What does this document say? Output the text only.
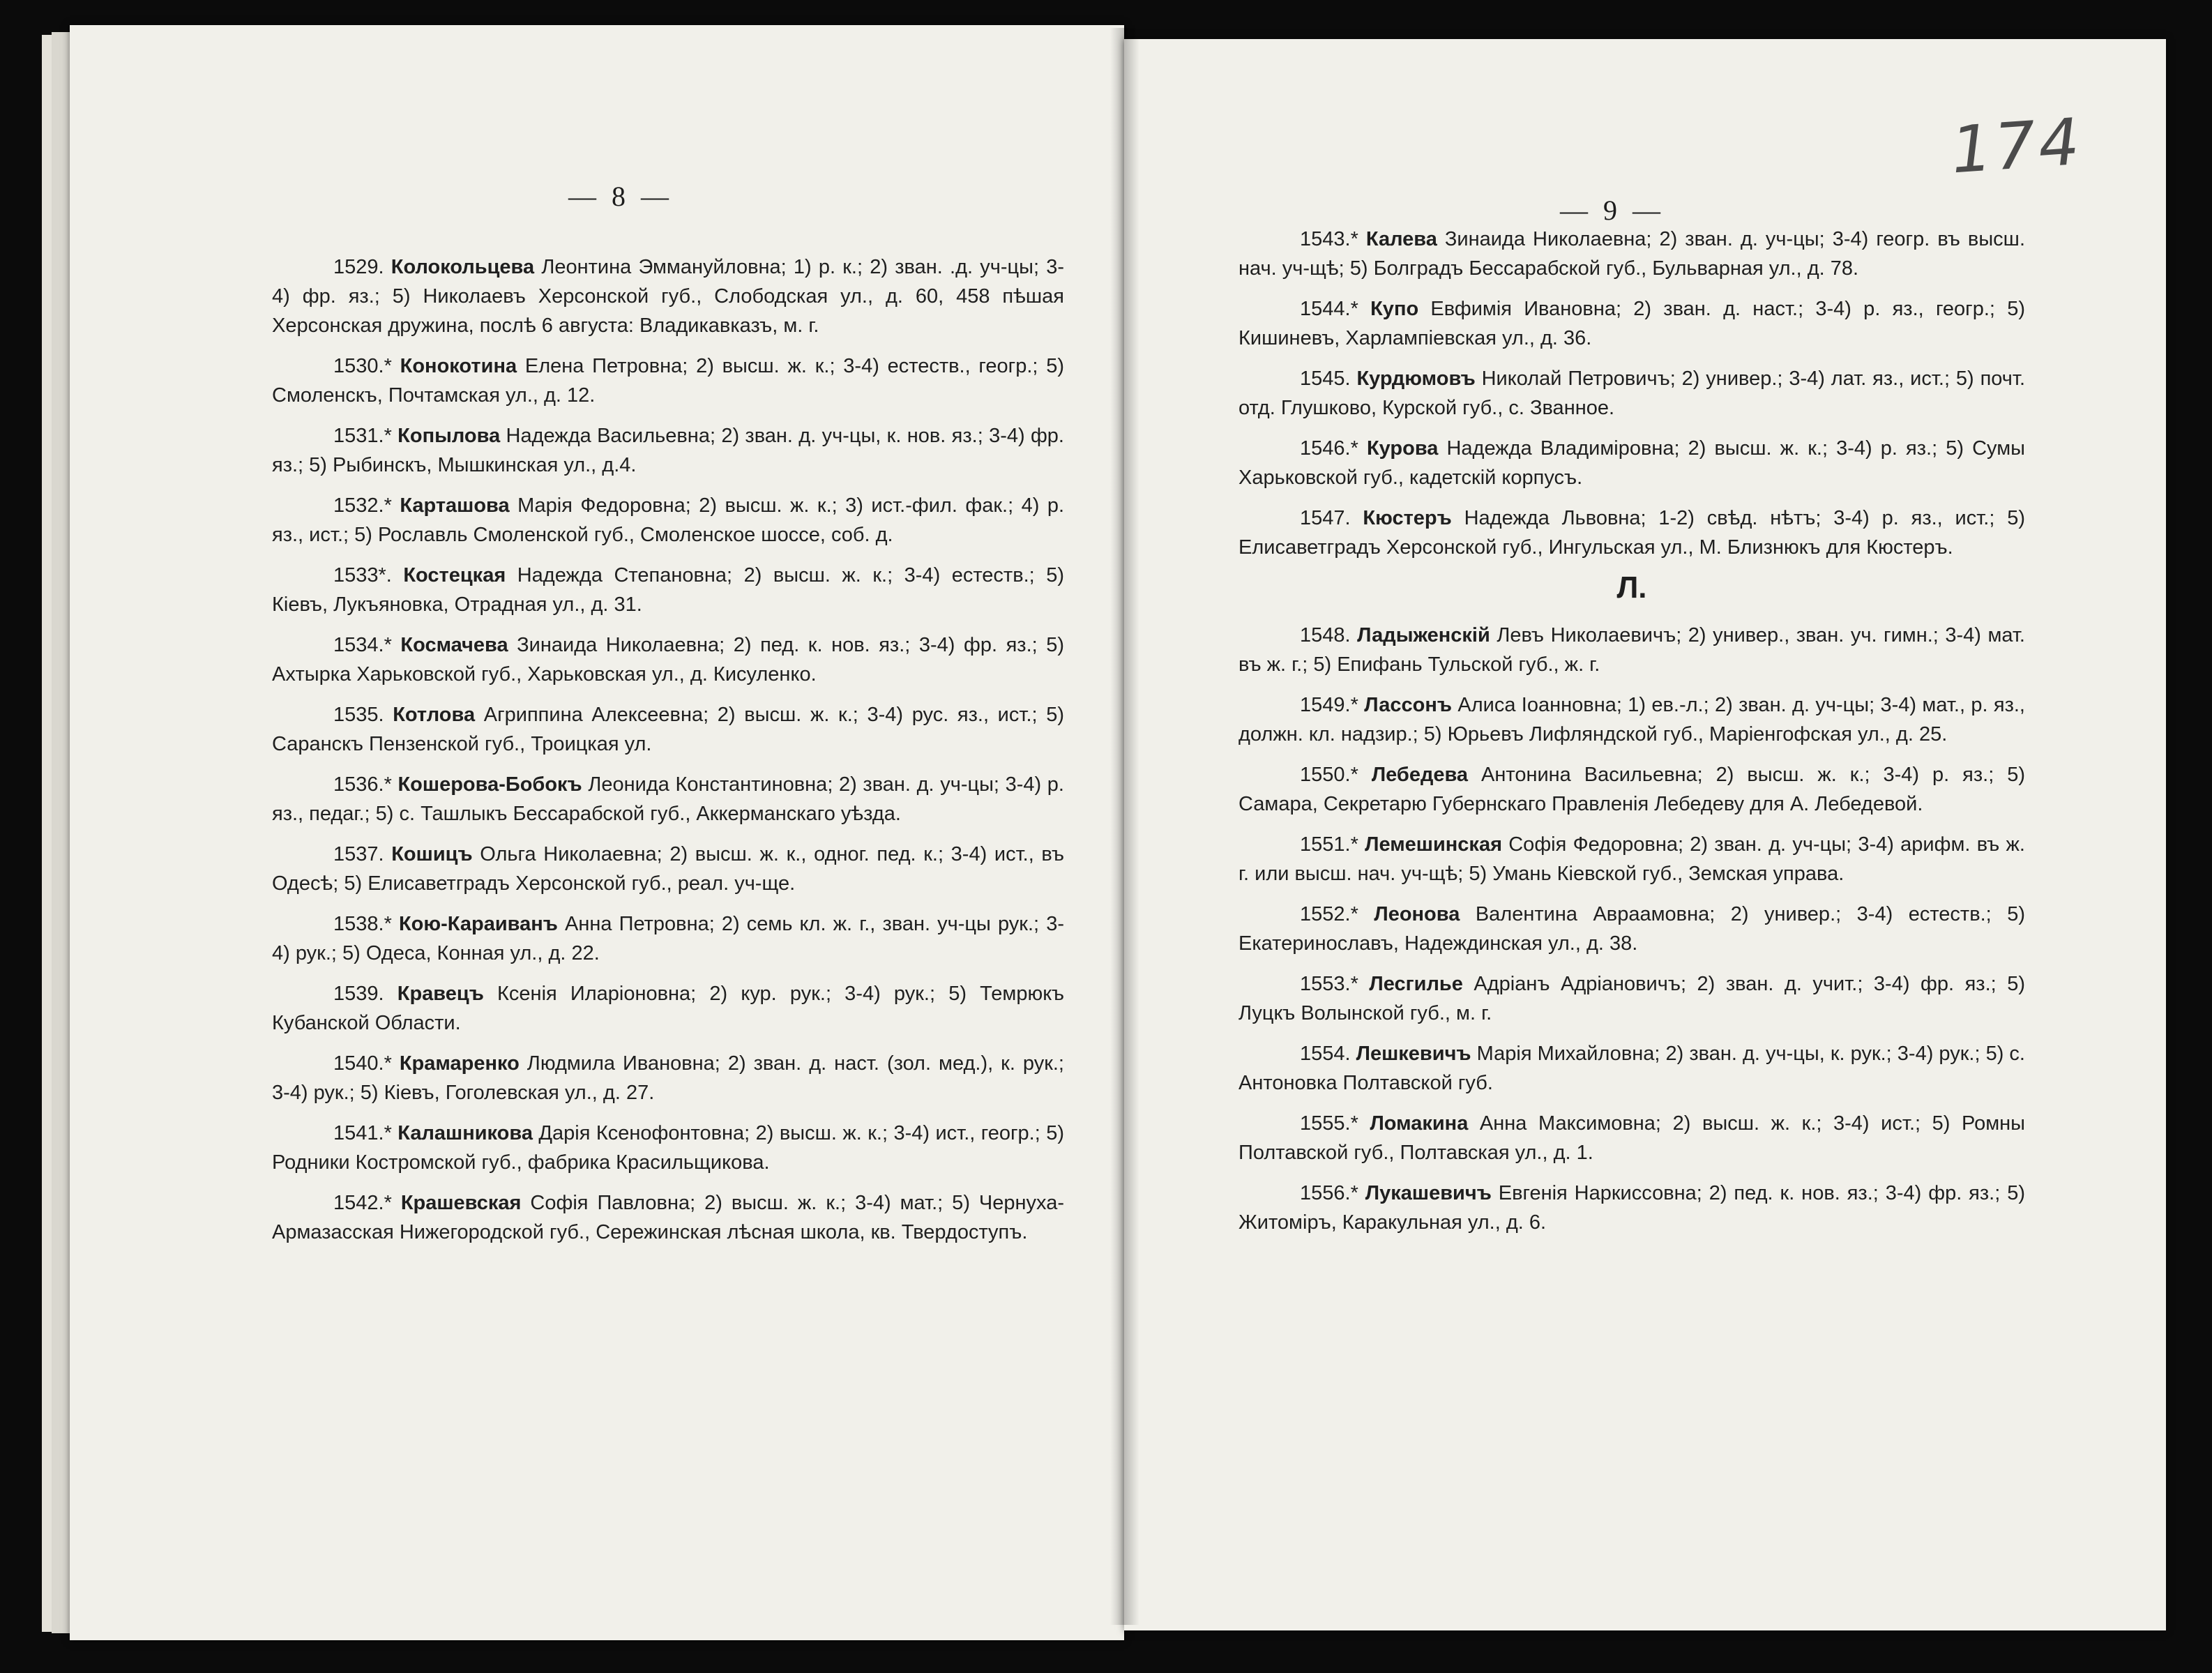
— 8 —

1529. Колокольцева Леонтина Эммануйловна; 1) р. к.; 2) зван. .д. уч-цы; 3-4) фр. яз.; 5) Николаевъ Херсонской губ., Слободская ул., д. 60, 458 пѣшая Херсонская дружина, послѣ 6 августа: Владикавказъ, м. г.

1530.* Конокотина Елена Петровна; 2) высш. ж. к.; 3-4) естеств., геогр.; 5) Смоленскъ, Почтамская ул., д. 12.

1531.* Копылова Надежда Васильевна; 2) зван. д. уч-цы, к. нов. яз.; 3-4) фр. яз.; 5) Рыбинскъ, Мышкинская ул., д.4.

1532.* Карташова Марія Федоровна; 2) высш. ж. к.; 3) ист.-фил. фак.; 4) р. яз., ист.; 5) Рославль Смоленской губ., Смоленское шоссе, соб. д.

1533*. Костецкая Надежда Степановна; 2) высш. ж. к.; 3-4) естеств.; 5) Кіевъ, Лукъяновка, Отрадная ул., д. 31.

1534.* Космачева Зинаида Николаевна; 2) пед. к. нов. яз.; 3-4) фр. яз.; 5) Ахтырка Харьковской губ., Харьковская ул., д. Кисуленко.

1535. Котлова Агриппина Алексеевна; 2) высш. ж. к.; 3-4) рус. яз., ист.; 5) Саранскъ Пензенской губ., Троицкая ул.

1536.* Кошерова-Бобокъ Леонида Константиновна; 2) зван. д. уч-цы; 3-4) р. яз., педаг.; 5) с. Ташлыкъ Бессарабской губ., Аккерманскаго уѣзда.

1537. Кошицъ Ольга Николаевна; 2) высш. ж. к., одног. пед. к.; 3-4) ист., въ Одесѣ; 5) Елисаветградъ Херсонской губ., реал. уч-ще.

1538.* Кою-Караиванъ Анна Петровна; 2) семь кл. ж. г., зван. уч-цы рук.; 3-4) рук.; 5) Одеса, Конная ул., д. 22.

1539. Кравецъ Ксенія Иларіоновна; 2) кур. рук.; 3-4) рук.; 5) Темрюкъ Кубанской Области.

1540.* Крамаренко Людмила Ивановна; 2) зван. д. наст. (зол. мед.), к. рук.; 3-4) рук.; 5) Кіевъ, Гоголевская ул., д. 27.

1541.* Калашникова Дарія Ксенофонтовна; 2) высш. ж. к.; 3-4) ист., геогр.; 5) Родники Костромской губ., фабрика Красильщикова.

1542.* Крашевская Софія Павловна; 2) высш. ж. к.; 3-4) мат.; 5) Чернуха-Армазасская Нижегородской губ., Сережинская лѣсная школа, кв. Твердоступъ.

— 9 —
174

1543.* Калева Зинаида Николаевна; 2) зван. д. уч-цы; 3-4) геогр. въ высш. нач. уч-щѣ; 5) Болградъ Бессарабской губ., Бульварная ул., д. 78.

1544.* Купо Евфимія Ивановна; 2) зван. д. наст.; 3-4) р. яз., геогр.; 5) Кишиневъ, Харлампіевская ул., д. 36.

1545. Курдюмовъ Николай Петровичъ; 2) универ.; 3-4) лат. яз., ист.; 5) почт. отд. Глушково, Курской губ., с. Званное.

1546.* Курова Надежда Владиміровна; 2) высш. ж. к.; 3-4) р. яз.; 5) Сумы Харьковской губ., кадетскій корпусъ.

1547. Кюстеръ Надежда Львовна; 1-2) свѣд. нѣтъ; 3-4) р. яз., ист.; 5) Елисаветградъ Херсонской губ., Ингульская ул., М. Близнюкъ для Кюстеръ.

Л.

1548. Ладыженскій Левъ Николаевичъ; 2) универ., зван. уч. гимн.; 3-4) мат. въ ж. г.; 5) Епифань Тульской губ., ж. г.

1549.* Лассонъ Алиса Іоанновна; 1) ев.-л.; 2) зван. д. уч-цы; 3-4) мат., р. яз., должн. кл. надзир.; 5) Юрьевъ Лифляндской губ., Маріенгофская ул., д. 25.

1550.* Лебедева Антонина Васильевна; 2) высш. ж. к.; 3-4) р. яз.; 5) Самара, Секретарю Губернскаго Правленія Лебедеву для А. Лебедевой.

1551.* Лемешинская Софія Федоровна; 2) зван. д. уч-цы; 3-4) арифм. въ ж. г. или высш. нач. уч-щѣ; 5) Умань Кіевской губ., Земская управа.

1552.* Леонова Валентина Авраамовна; 2) универ.; 3-4) естеств.; 5) Екатеринославъ, Надеждинская ул., д. 38.

1553.* Лесгильe Адріанъ Адріановичъ; 2) зван. д. учит.; 3-4) фр. яз.; 5) Луцкъ Волынской губ., м. г.

1554. Лешкевичъ Марія Михайловна; 2) зван. д. уч-цы, к. рук.; 3-4) рук.; 5) с. Антоновка Полтавской губ.

1555.* Ломакина Анна Максимовна; 2) высш. ж. к.; 3-4) ист.; 5) Ромны Полтавской губ., Полтавская ул., д. 1.

1556.* Лукашевичъ Евгенія Наркиссовна; 2) пед. к. нов. яз.; 3-4) фр. яз.; 5) Житоміръ, Каракульная ул., д. 6.
